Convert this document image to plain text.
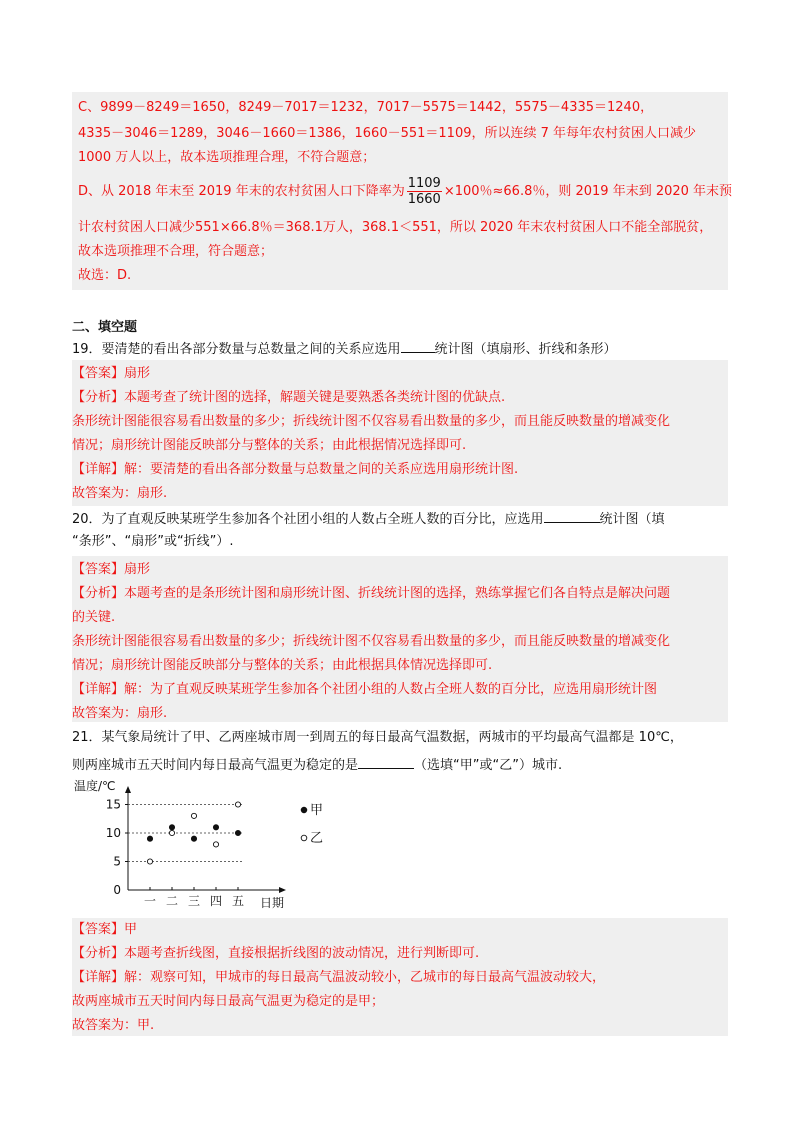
C、9899－8249＝1650，8249－7017＝1232，7017－5575＝1442，5575－4335＝1240，
4335－3046＝1289，3046－1660＝1386，1660－551＝1109，所以连续 7 年每年农村贫困人口减少
1000 万人以上，故本选项推理合理，不符合题意；
D、从 2018 年末至 2019 年末的农村贫困人口下降率为 $\frac{1109}{1660} \times 100$％≈66.8％，则 2019 年末到 2020 年末预
计农村贫困人口减少551×66.8％＝368.1万人，368.1＜551，所以 2020 年末农村贫困人口不能全部脱贫，
故本选项推理不合理，符合题意；
故选：D.
二、填空题
19．要清楚的看出各部分数量与总数量之间的关系应选用	统计图（填扇形、折线和条形）
【答案】扇形
【分析】本题考查了统计图的选择，解题关键是要熟悉各类统计图的优缺点.
条形统计图能很容易看出数量的多少；折线统计图不仅容易看出数量的多少，而且能反映数量的增减变化
情况；扇形统计图能反映部分与整体的关系；由此根据情况选择即可.
【详解】解：要清楚的看出各部分数量与总数量之间的关系应选用扇形统计图.
故答案为：扇形.
20．为了直观反映某班学生参加各个社团小组的人数占全班人数的百分比，应选用	统计图（填
“条形”、“扇形”或“折线”）.
【答案】扇形
【分析】本题考查的是条形统计图和扇形统计图、折线统计图的选择，熟练掌握它们各自特点是解决问题
的关键.
条形统计图能很容易看出数量的多少；折线统计图不仅容易看出数量的多少，而且能反映数量的增减变化
情况；扇形统计图能反映部分与整体的关系；由此根据具体情况选择即可.
【详解】解：为了直观反映某班学生参加各个社团小组的人数占全班人数的百分比，应选用扇形统计图
故答案为：扇形.
21．某气象局统计了甲、乙两座城市周一到周五的每日最高气温数据，两城市的平均最高气温都是 10℃，
则两座城市五天时间内每日最高气温更为稳定的是	（选填“甲”或“乙”）城市.
温度/℃
日期
0
5
10
15
一 二 三 四 五
甲
乙
【答案】甲
【分析】本题考查折线图，直接根据折线图的波动情况，进行判断即可.
【详解】解：观察可知，甲城市的每日最高气温波动较小，乙城市的每日最高气温波动较大，
故两座城市五天时间内每日最高气温更为稳定的是甲；
故答案为：甲.
